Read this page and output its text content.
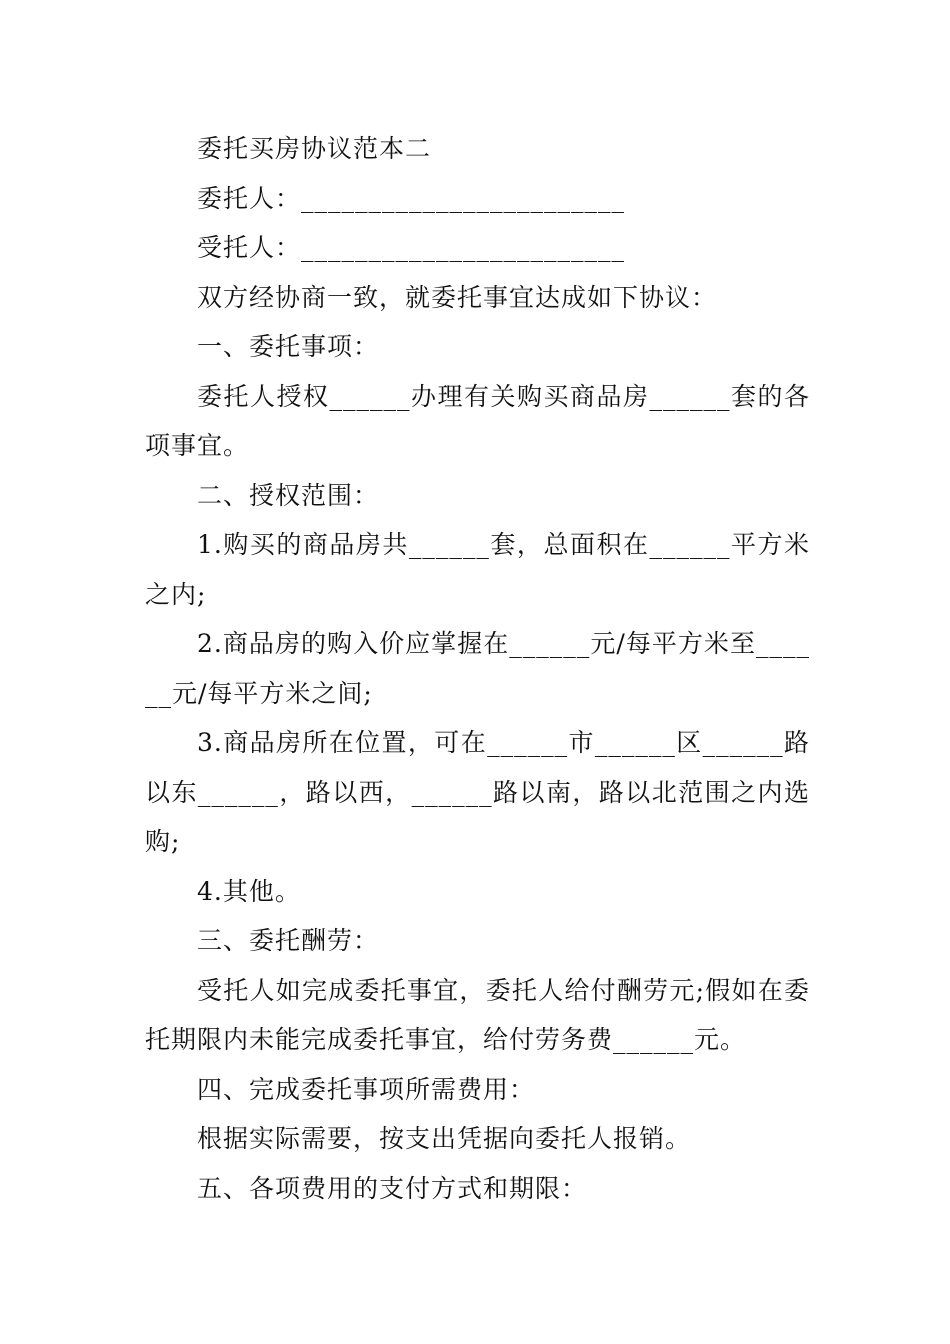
委托买房协议范本二

委托人：________________________

受托人：________________________

双方经协商一致，就委托事宜达成如下协议：

一、委托事项：

委托人授权______办理有关购买商品房______套的各项事宜。

二、授权范围：

1.购买的商品房共______套，总面积在______平方米之内;

2.商品房的购入价应掌握在______元/每平方米至______元/每平方米之间;

3.商品房所在位置，可在______市______区______路以东______，路以西，______路以南，路以北范围之内选购;

4.其他。

三、委托酬劳：

受托人如完成委托事宜，委托人给付酬劳元;假如在委托期限内未能完成委托事宜，给付劳务费______元。

四、完成委托事项所需费用：

根据实际需要，按支出凭据向委托人报销。

五、各项费用的支付方式和期限：
